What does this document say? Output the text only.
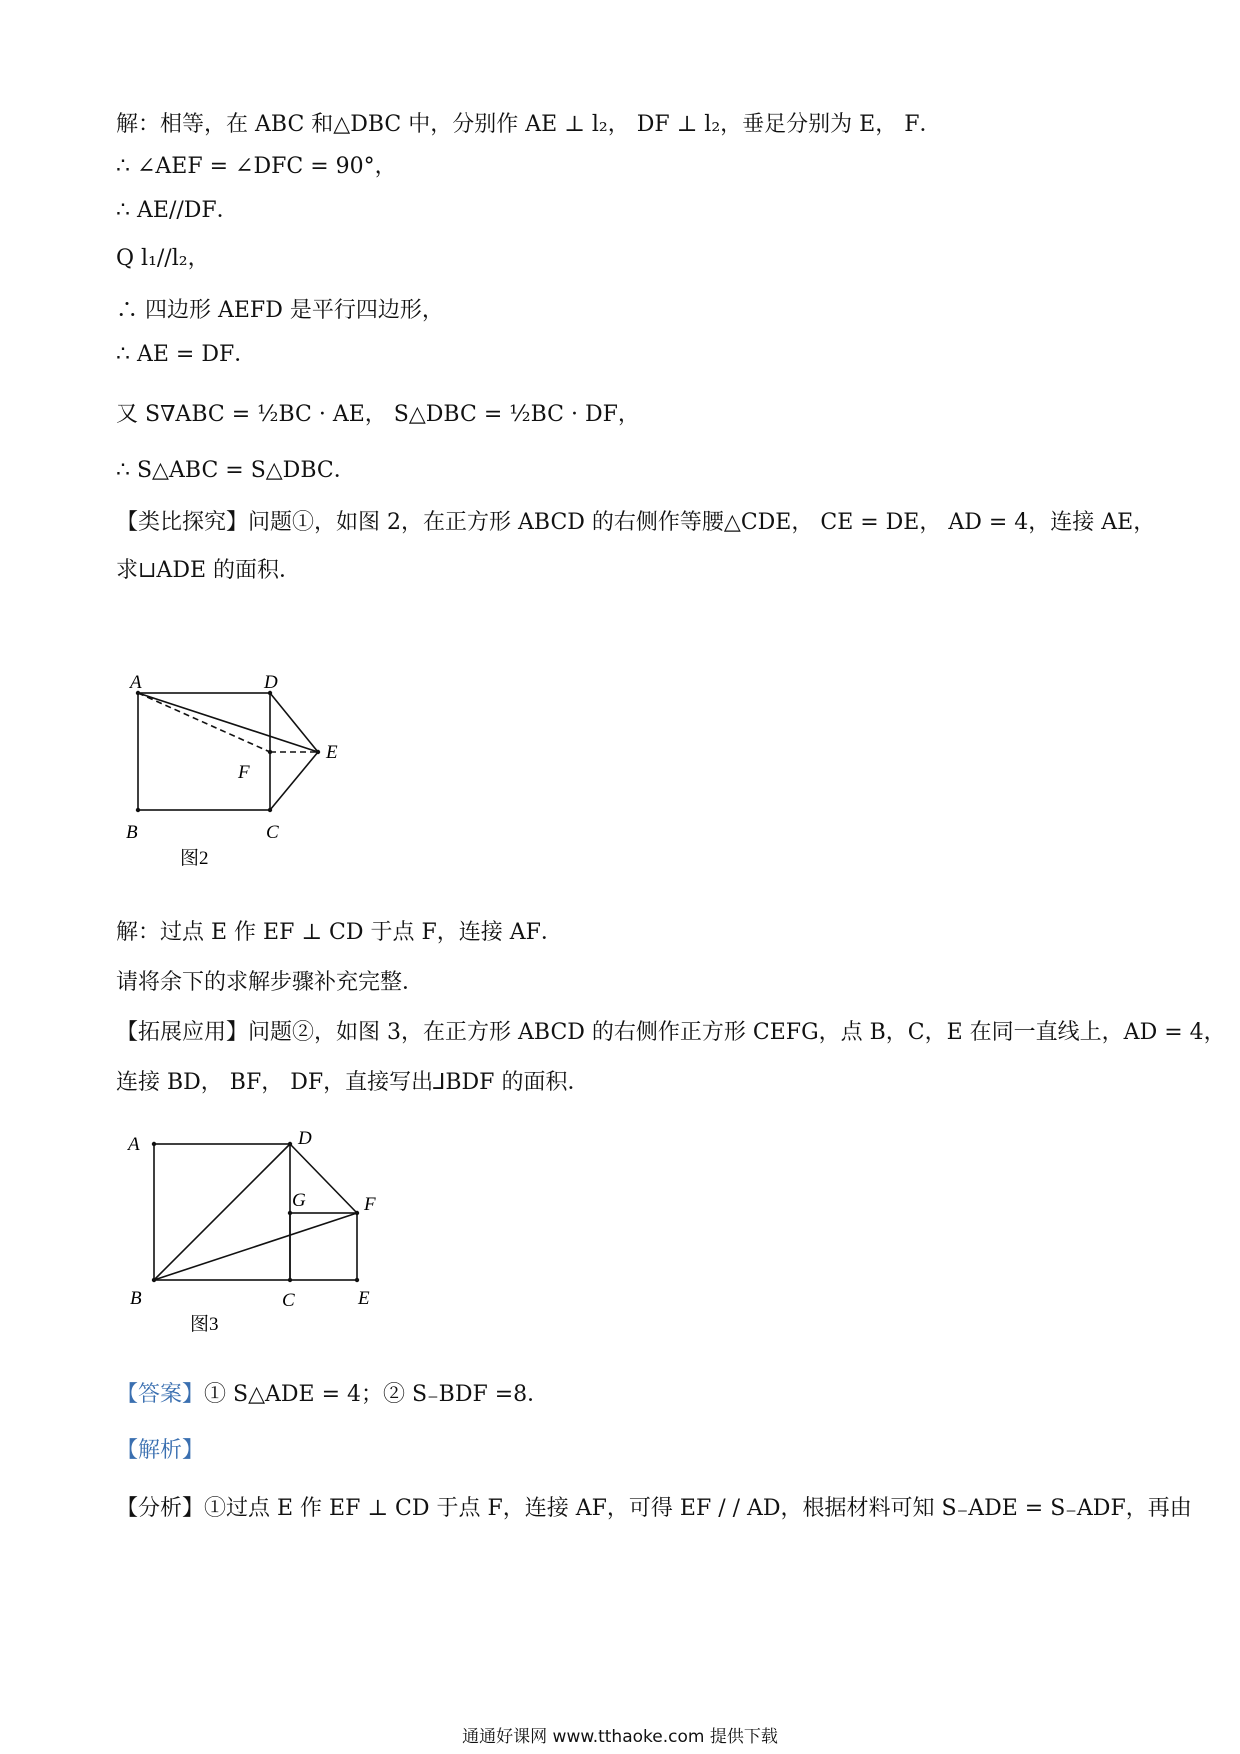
解：相等，在 ABC 和△DBC 中，分别作 AE ⊥ l₂， DF ⊥ l₂，垂足分别为 E， F．
∴ ∠AEF = ∠DFC = 90°，
∴ AE//DF．
Q l₁//l₂，
∴ 四边形 AEFD 是平行四边形，
∴ AE = DF．
又 S∇ABC = ½BC · AE， S△DBC = ½BC · DF，
∴ S△ABC = S△DBC．
【类比探究】问题①，如图 2，在正方形 ABCD 的右侧作等腰△CDE， CE = DE， AD = 4，连接 AE，
求⊔ADE 的面积．
A	D
E
F
B	C
图2
解：过点 E 作 EF ⊥ CD 于点 F，连接 AF．
请将余下的求解步骤补充完整．
【拓展应用】问题②，如图 3，在正方形 ABCD 的右侧作正方形 CEFG，点 B，C，E 在同一直线上，AD = 4，
连接 BD， BF， DF，直接写出⅃BDF 的面积．
A	D
G	F
B	C	E
图3
【答案】① S△ADE = 4；② S₋BDF =8．
【解析】
【分析】①过点 E 作 EF ⊥ CD 于点 F，连接 AF，可得 EF / / AD，根据材料可知 S₋ADE = S₋ADF，再由
通通好课网 www.tthaoke.com 提供下载
